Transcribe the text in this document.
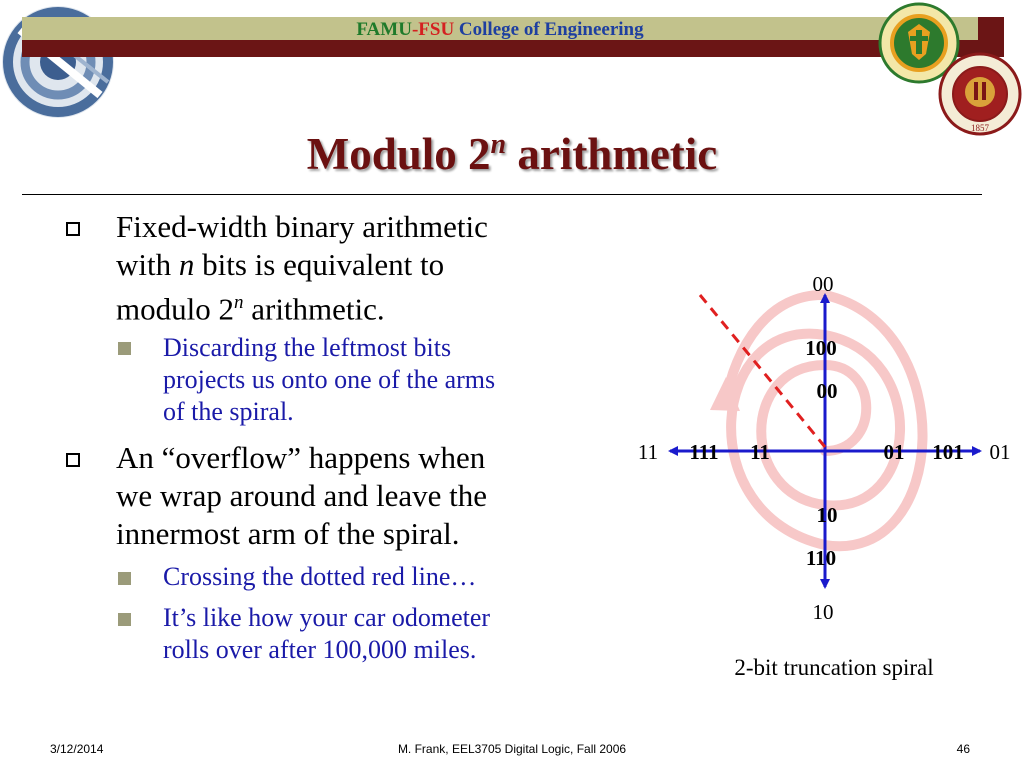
FAMU-FSU College of Engineering
1857
Modulo 2$^n$ arithmetic
Fixed-width binary arithmetic
with n bits is equivalent to
modulo 2$^n$ arithmetic.
Discarding the leftmost bits
projects us onto one of the arms
of the spiral.
An “overflow” happens when
we wrap around and leave the
innermost arm of the spiral.
Crossing the dotted red line…
It’s like how your car odometer
rolls over after 100,000 miles.
00
10
11	01
100
00
111 11	01 101
10
110
2-bit truncation spiral
3/12/2014	M. Frank, EEL3705 Digital Logic, Fall 2006	46
